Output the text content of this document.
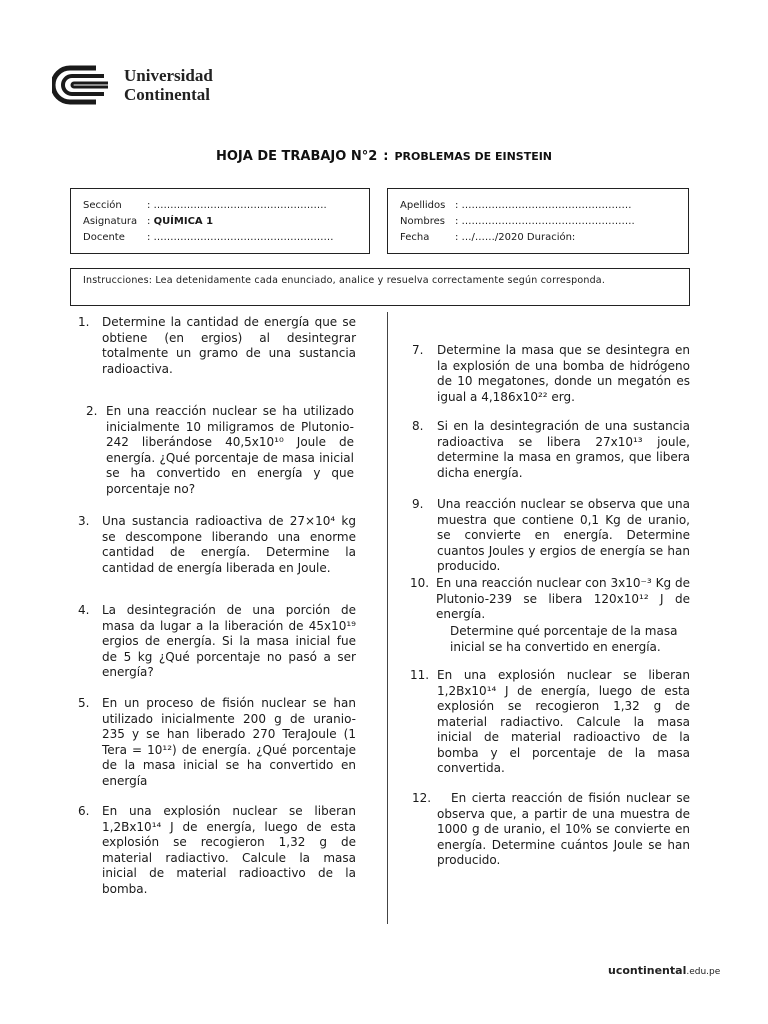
Universidad
Continental
HOJA DE TRABAJO N°2 : PROBLEMAS DE EINSTEIN
Sección	: …………………………………………….
Asignatura : QUÍMICA 1
Docente : ………………………………………………
Apellidos : ……………………………………………
Nombres : …………………………………………….
Fecha	: …/……/2020 Duración:
Instrucciones: Lea detenidamente cada enunciado, analice y resuelva correctamente según corresponda.
1. Determine la cantidad de energía que se obtiene (en ergios) al desintegrar totalmente un gramo de una sustancia radioactiva.
2. En una reacción nuclear se ha utilizado inicialmente 10 miligramos de Plutonio-242 liberándose 40,5x10¹⁰ Joule de energía. ¿Qué porcentaje de masa inicial se ha convertido en energía y que porcentaje no?
3. Una sustancia radioactiva de 27×10⁴ kg se descompone liberando una enorme cantidad de energía. Determine la cantidad de energía liberada en Joule.
4. La desintegración de una porción de masa da lugar a la liberación de 45x10¹⁹ ergios de energía. Si la masa inicial fue de 5 kg ¿Qué porcentaje no pasó a ser energía?
5. En un proceso de fisión nuclear se han utilizado inicialmente 200 g de uranio-235 y se han liberado 270 TeraJoule (1 Tera = 10¹²) de energía. ¿Qué porcentaje de la masa inicial se ha convertido en energía
6. En una explosión nuclear se liberan 1,2Bx10¹⁴ J de energía, luego de esta explosión se recogieron 1,32 g de material radiactivo. Calcule la masa inicial de material radioactivo de la bomba.
7. Determine la masa que se desintegra en la explosión de una bomba de hidrógeno de 10 megatones, donde un megatón es igual a 4,186x10²² erg.
8. Si en la desintegración de una sustancia radioactiva se libera 27x10¹³ joule, determine la masa en gramos, que libera dicha energía.
9. Una reacción nuclear se observa que una muestra que contiene 0,1 Kg de uranio, se convierte en energía. Determine cuantos Joules y ergios de energía se han producido.
10. En una reacción nuclear con 3x10⁻³ Kg de Plutonio-239 se libera 120x10¹² J de energía.
Determine qué porcentaje de la masa inicial se ha convertido en energía.
11. En una explosión nuclear se liberan 1,2Bx10¹⁴ J de energía, luego de esta explosión se recogieron 1,32 g de material radiactivo. Calcule la masa inicial de material radioactivo de la bomba y el porcentaje de la masa convertida.
12.	En cierta reacción de fisión nuclear se observa que, a partir de una muestra de 1000 g de uranio, el 10% se convierte en energía. Determine cuántos Joule se han producido.
ucontinental.edu.pe
